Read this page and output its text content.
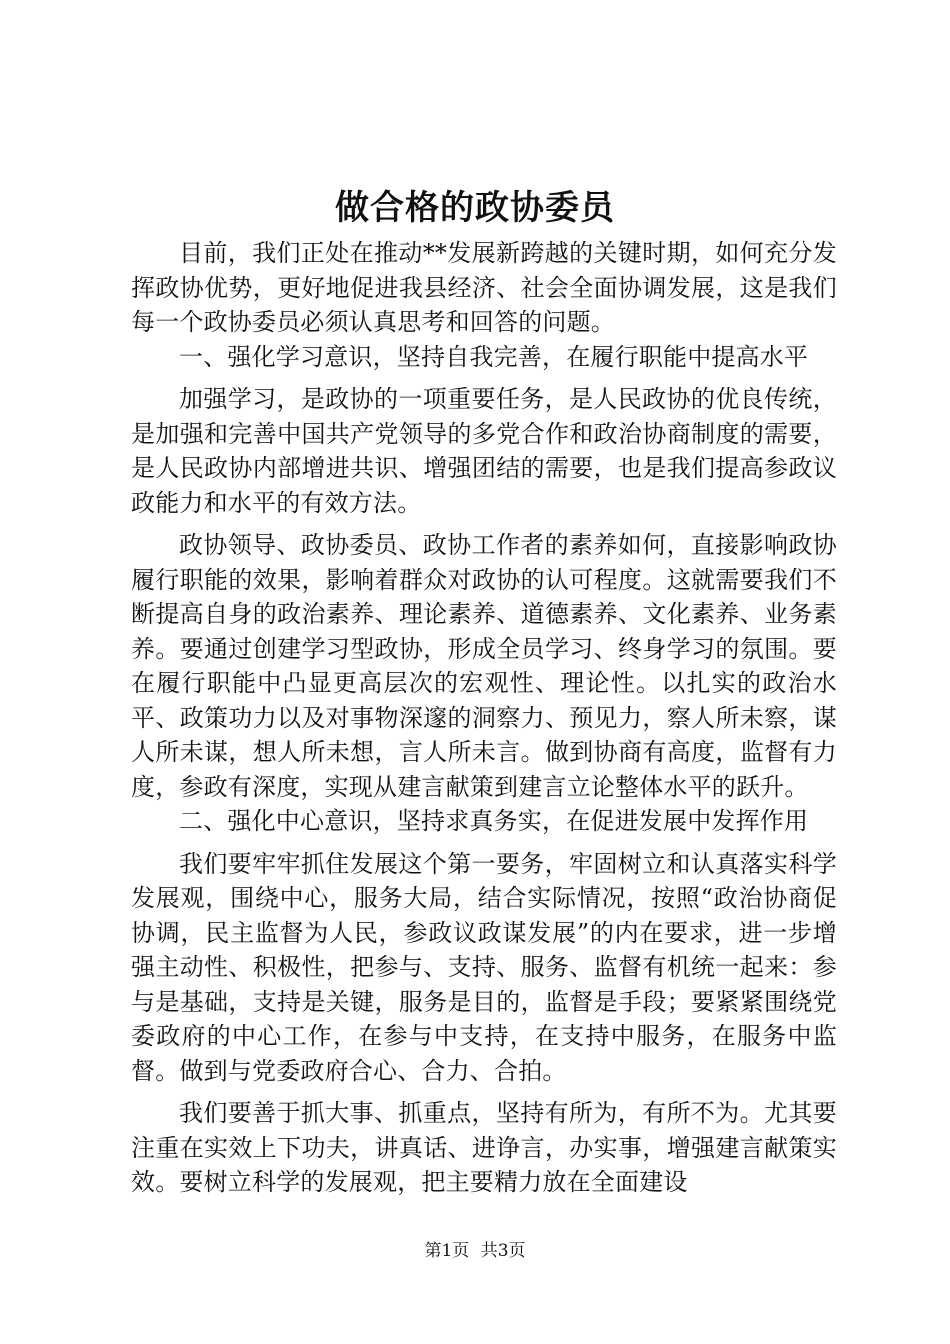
做合格的政协委员

目前，我们正处在推动**发展新跨越的关键时期，如何充分发挥政协优势，更好地促进我县经济、社会全面协调发展，这是我们每一个政协委员必须认真思考和回答的问题。

一、强化学习意识，坚持自我完善，在履行职能中提高水平

加强学习，是政协的一项重要任务，是人民政协的优良传统，是加强和完善中国共产党领导的多党合作和政治协商制度的需要，是人民政协内部增进共识、增强团结的需要，也是我们提高参政议政能力和水平的有效方法。

政协领导、政协委员、政协工作者的素养如何，直接影响政协履行职能的效果，影响着群众对政协的认可程度。这就需要我们不断提高自身的政治素养、理论素养、道德素养、文化素养、业务素养。要通过创建学习型政协，形成全员学习、终身学习的氛围。要在履行职能中凸显更高层次的宏观性、理论性。以扎实的政治水平、政策功力以及对事物深邃的洞察力、预见力，察人所未察，谋人所未谋，想人所未想，言人所未言。做到协商有高度，监督有力度，参政有深度，实现从建言献策到建言立论整体水平的跃升。

二、强化中心意识，坚持求真务实，在促进发展中发挥作用

我们要牢牢抓住发展这个第一要务，牢固树立和认真落实科学发展观，围绕中心，服务大局，结合实际情况，按照“政治协商促协调，民主监督为人民，参政议政谋发展”的内在要求，进一步增强主动性、积极性，把参与、支持、服务、监督有机统一起来：参与是基础，支持是关键，服务是目的，监督是手段；要紧紧围绕党委政府的中心工作，在参与中支持，在支持中服务，在服务中监督。做到与党委政府合心、合力、合拍。

我们要善于抓大事、抓重点，坚持有所为，有所不为。尤其要注重在实效上下功夫，讲真话、进诤言，办实事，增强建言献策实效。要树立科学的发展观，把主要精力放在全面建设

第1页 共3页
